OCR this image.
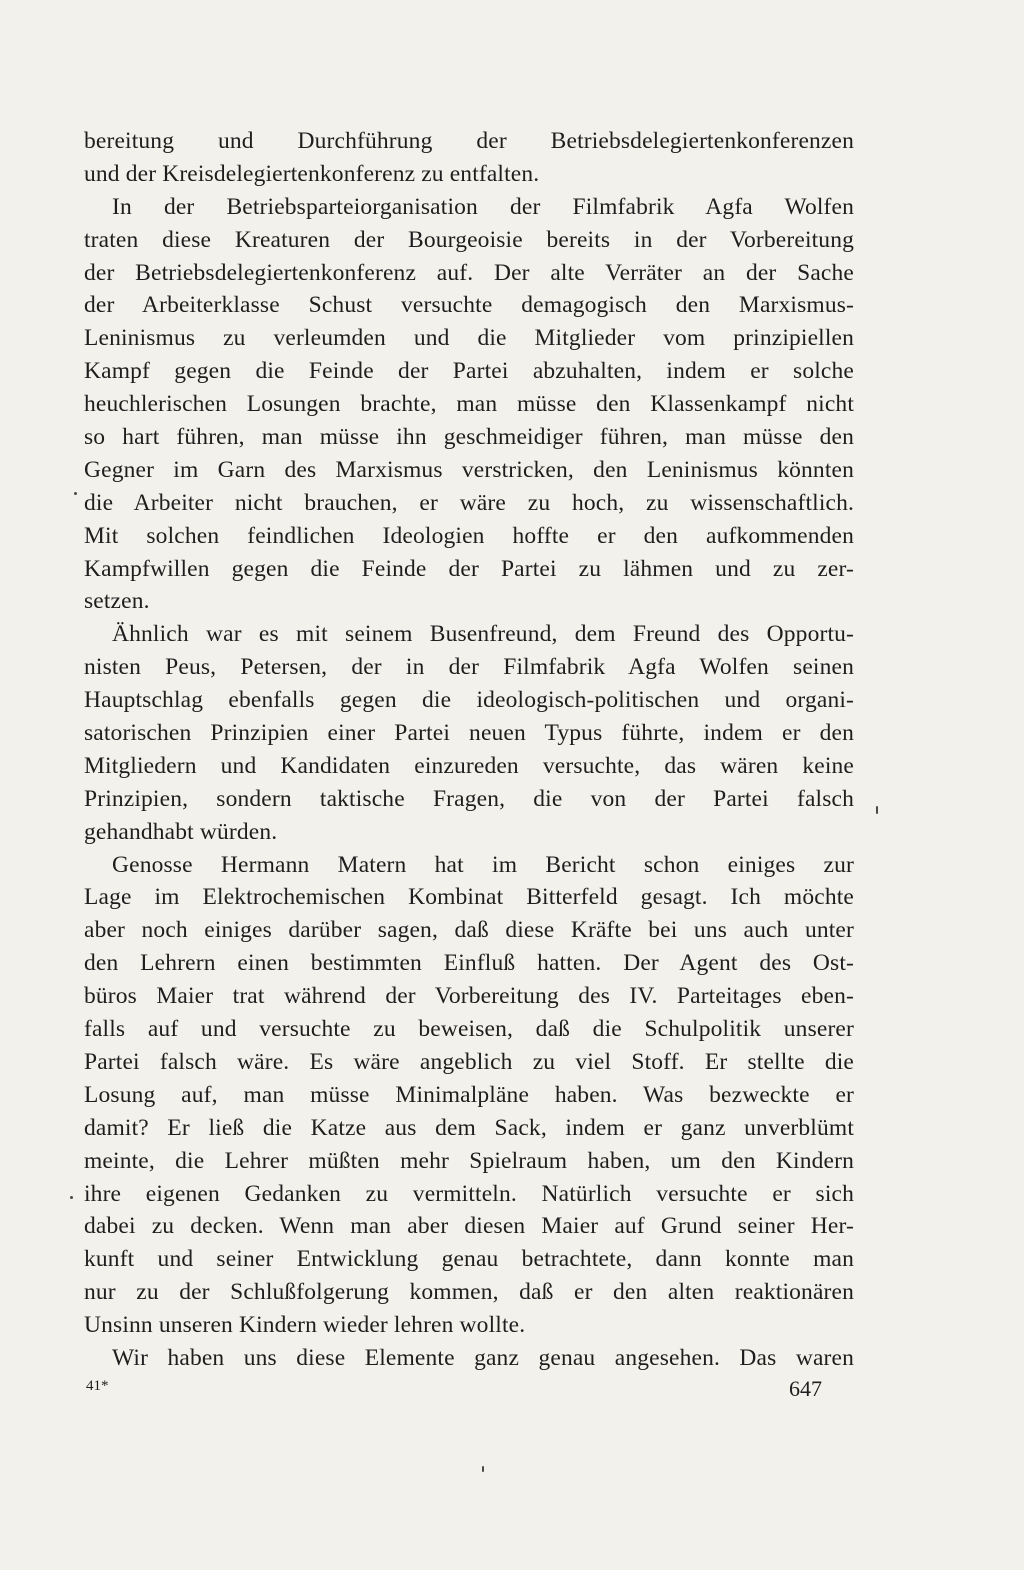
bereitung und Durchführung der Betriebsdelegiertenkonferenzen
und der Kreisdelegiertenkonferenz zu entfalten.
In der Betriebsparteiorganisation der Filmfabrik Agfa Wolfen
traten diese Kreaturen der Bourgeoisie bereits in der Vorbereitung
der Betriebsdelegiertenkonferenz auf. Der alte Verräter an der Sache
der Arbeiterklasse Schust versuchte demagogisch den Marxismus-
Leninismus zu verleumden und die Mitglieder vom prinzipiellen
Kampf gegen die Feinde der Partei abzuhalten, indem er solche
heuchlerischen Losungen brachte, man müsse den Klassenkampf nicht
so hart führen, man müsse ihn geschmeidiger führen, man müsse den
Gegner im Garn des Marxismus verstricken, den Leninismus könnten
die Arbeiter nicht brauchen, er wäre zu hoch, zu wissenschaftlich.
Mit solchen feindlichen Ideologien hoffte er den aufkommenden
Kampfwillen gegen die Feinde der Partei zu lähmen und zu zer-
setzen.
Ähnlich war es mit seinem Busenfreund, dem Freund des Opportu-
nisten Peus, Petersen, der in der Filmfabrik Agfa Wolfen seinen
Hauptschlag ebenfalls gegen die ideologisch-politischen und organi-
satorischen Prinzipien einer Partei neuen Typus führte, indem er den
Mitgliedern und Kandidaten einzureden versuchte, das wären keine
Prinzipien, sondern taktische Fragen, die von der Partei falsch
gehandhabt würden.
Genosse Hermann Matern hat im Bericht schon einiges zur
Lage im Elektrochemischen Kombinat Bitterfeld gesagt. Ich möchte
aber noch einiges darüber sagen, daß diese Kräfte bei uns auch unter
den Lehrern einen bestimmten Einfluß hatten. Der Agent des Ost-
büros Maier trat während der Vorbereitung des IV. Parteitages eben-
falls auf und versuchte zu beweisen, daß die Schulpolitik unserer
Partei falsch wäre. Es wäre angeblich zu viel Stoff. Er stellte die
Losung auf, man müsse Minimalpläne haben. Was bezweckte er
damit? Er ließ die Katze aus dem Sack, indem er ganz unverblümt
meinte, die Lehrer müßten mehr Spielraum haben, um den Kindern
ihre eigenen Gedanken zu vermitteln. Natürlich versuchte er sich
dabei zu decken. Wenn man aber diesen Maier auf Grund seiner Her-
kunft und seiner Entwicklung genau betrachtete, dann konnte man
nur zu der Schlußfolgerung kommen, daß er den alten reaktionären
Unsinn unseren Kindern wieder lehren wollte.
Wir haben uns diese Elemente ganz genau angesehen. Das waren
41*	647
